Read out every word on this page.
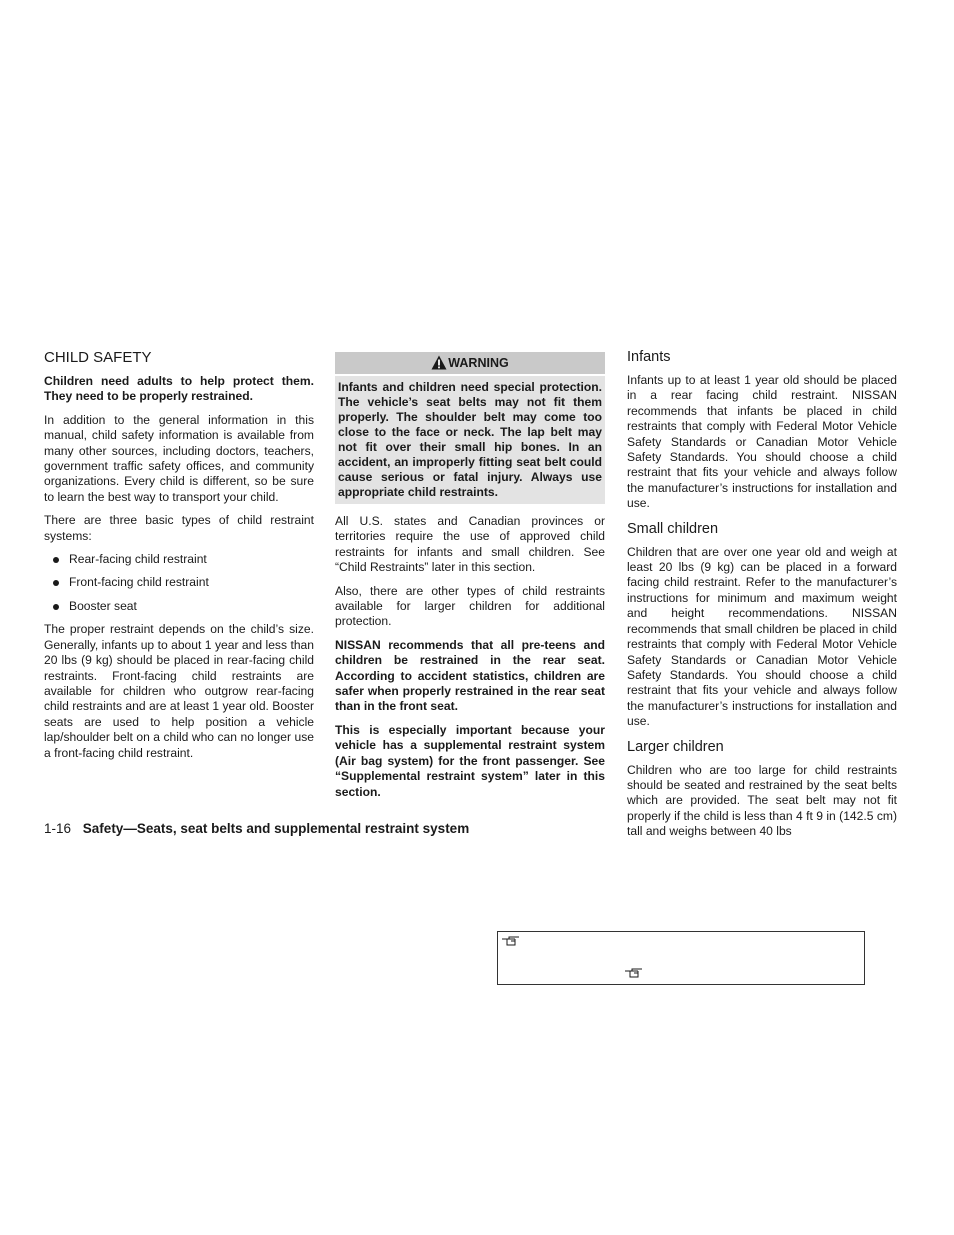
CHILD SAFETY

Children need adults to help protect them. They need to be properly restrained.

In addition to the general information in this manual, child safety information is available from many other sources, including doctors, teachers, government traffic safety offices, and community organizations. Every child is different, so be sure to learn the best way to transport your child.

There are three basic types of child restraint systems:

Rear-facing child restraint
Front-facing child restraint
Booster seat

The proper restraint depends on the child’s size. Generally, infants up to about 1 year and less than 20 lbs (9 kg) should be placed in rear-facing child restraints. Front-facing child restraints are available for children who outgrow rear-facing child restraints and are at least 1 year old. Booster seats are used to help position a vehicle lap/shoulder belt on a child who can no longer use a front-facing child restraint.

WARNING
Infants and children need special protection. The vehicle’s seat belts may not fit them properly. The shoulder belt may come too close to the face or neck. The lap belt may not fit over their small hip bones. In an accident, an improperly fitting seat belt could cause serious or fatal injury. Always use appropriate child restraints.

All U.S. states and Canadian provinces or territories require the use of approved child restraints for infants and small children. See “Child Restraints” later in this section.

Also, there are other types of child restraints available for larger children for additional protection.

NISSAN recommends that all pre-teens and children be restrained in the rear seat. According to accident statistics, children are safer when properly restrained in the rear seat than in the front seat.

This is especially important because your vehicle has a supplemental restraint system (Air bag system) for the front passenger. See “Supplemental restraint system” later in this section.

Infants

Infants up to at least 1 year old should be placed in a rear facing child restraint. NISSAN recommends that infants be placed in child restraints that comply with Federal Motor Vehicle Safety Standards or Canadian Motor Vehicle Safety Standards. You should choose a child restraint that fits your vehicle and always follow the manufacturer’s instructions for installation and use.

Small children

Children that are over one year old and weigh at least 20 lbs (9 kg) can be placed in a forward facing child restraint. Refer to the manufacturer’s instructions for minimum and maximum weight and height recommendations. NISSAN recommends that small children be placed in child restraints that comply with Federal Motor Vehicle Safety Standards or Canadian Motor Vehicle Safety Standards. You should choose a child restraint that fits your vehicle and always follow the manufacturer’s instructions for installation and use.

Larger children

Children who are too large for child restraints should be seated and restrained by the seat belts which are provided. The seat belt may not fit properly if the child is less than 4 ft 9 in (142.5 cm) tall and weighs between 40 lbs

1-16 Safety—Seats, seat belts and supplemental restraint system
